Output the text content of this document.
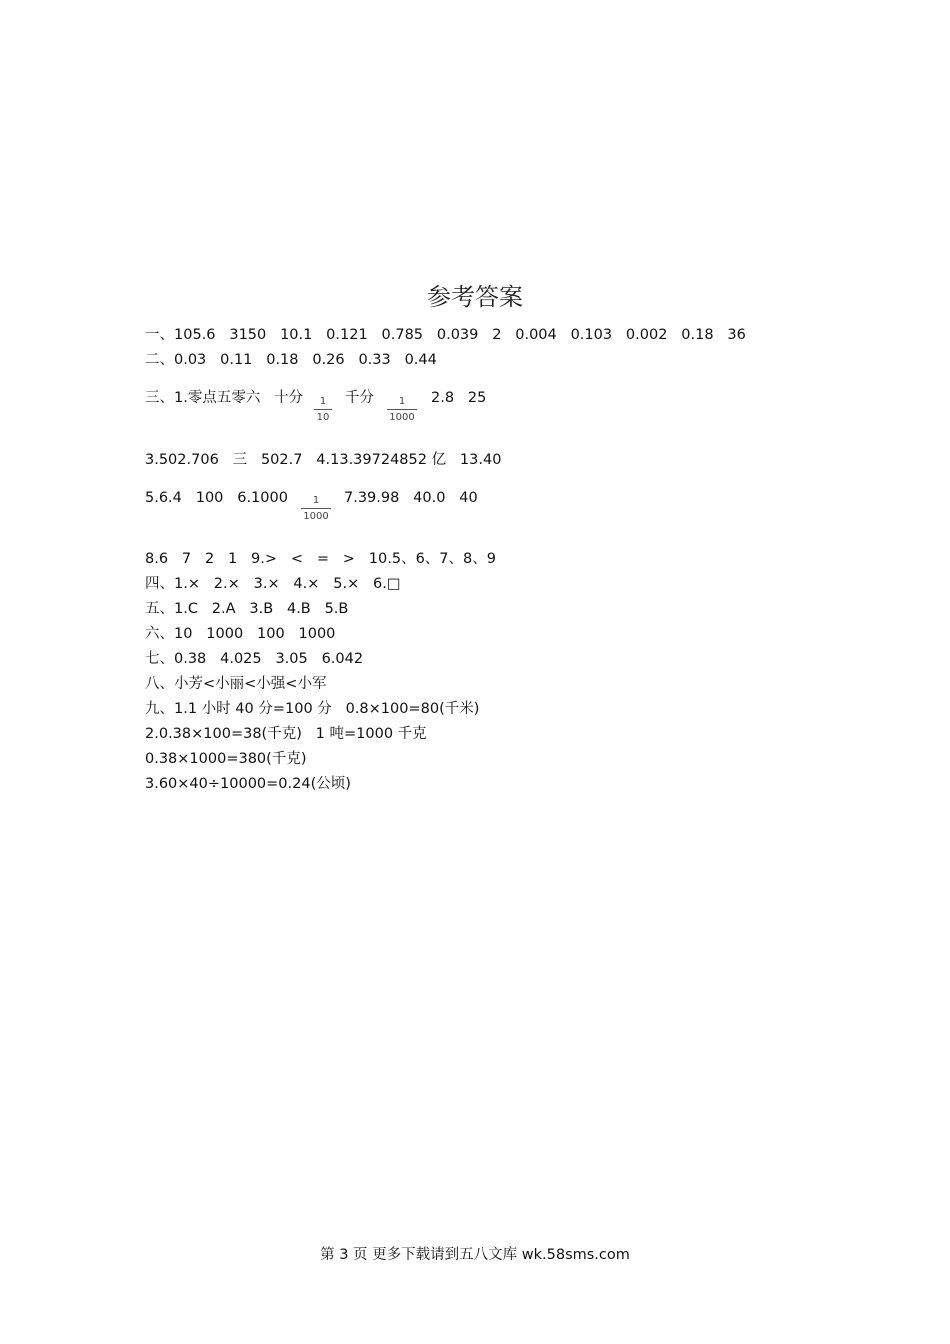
参考答案
一、105.6   3150   10.1   0.121   0.785   0.039   2   0.004   0.103   0.002   0.18   36
二、0.03   0.11   0.18   0.26   0.33   0.44
三、1.零点五零六   十分 1
10
千分 1
1000
2.8   25
3.502.706   三   502.7   4.13.39724852 亿   13.40
5.6.4   100   6.1000 1
1000
7.39.98   40.0   40
8.6   7   2   1   9.>   <   =   >   10.5、6、7、8、9
四、1.×   2.×   3.×   4.×   5.×   6.□
五、1.C   2.A   3.B   4.B   5.B
六、10   1000   100   1000
七、0.38   4.025   3.05   6.042
八、小芳<小丽<小强<小军
九、1.1 小时 40 分=100 分   0.8×100=80(千米)
2.0.38×100=38(千克)   1 吨=1000 千克
0.38×1000=380(千克)
3.60×40÷10000=0.24(公顷)
第 3 页 更多下载请到五八文库 wk.58sms.com
